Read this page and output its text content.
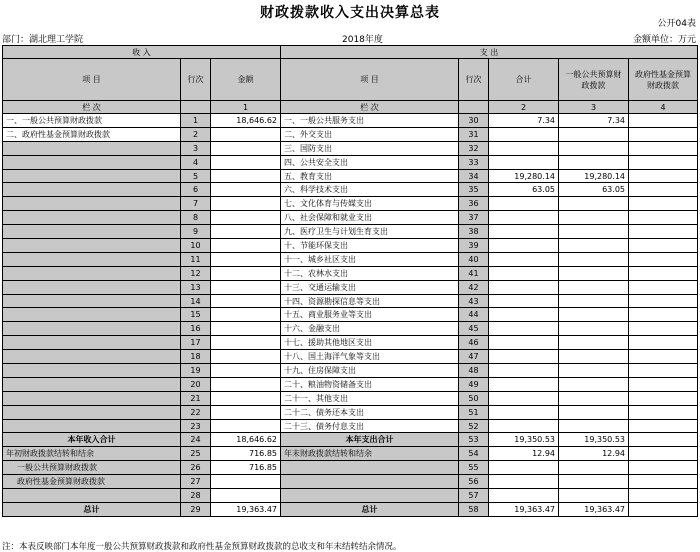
财政拨款收入支出决算总表
公开04表
部门：湖北理工学院	2018年度	金额单位：万元
收 入			支 出				
项 目	行次	金额	项 目	行次	合计	一般公共预算财政拨款	政府性基金预算财政拨款
栏 次		1	栏 次		2	3	4
一、一般公共预算财政拨款	1	18,646.62	一、一般公共服务支出	30	7.34	7.34	
二、政府性基金预算财政拨款	2		二、外交支出	31			
	3		三、国防支出	32			
	4		四、公共安全支出	33			
	5		五、教育支出	34	19,280.14	19,280.14	
	6		六、科学技术支出	35	63.05	63.05	
	7		七、文化体育与传媒支出	36			
	8		八、社会保障和就业支出	37			
	9		九、医疗卫生与计划生育支出	38			
	10		十、节能环保支出	39			
	11		十一、城乡社区支出	40			
	12		十二、农林水支出	41			
	13		十三、交通运输支出	42			
	14		十四、资源勘探信息等支出	43			
	15		十五、商业服务业等支出	44			
	16		十六、金融支出	45			
	17		十七、援助其他地区支出	46			
	18		十八、国土海洋气象等支出	47			
	19		十九、住房保障支出	48			
	20		二十、粮油物资储备支出	49			
	21		二十一、其他支出	50			
	22		二十二、债务还本支出	51			
	23		二十三、债务付息支出	52			
本年收入合计	24	18,646.62	本年支出合计	53	19,350.53	19,350.53	
年初财政拨款结转和结余	25	716.85	年末财政拨款结转和结余	54	12.94	12.94	
一般公共预算财政拨款	26	716.85		55			
政府性基金预算财政拨款	27			56			
	28			57			
总计	29	19,363.47	总计	58	19,363.47	19,363.47	
注：本表反映部门本年度一般公共预算财政拨款和政府性基金预算财政拨款的总收支和年末结转结余情况。
